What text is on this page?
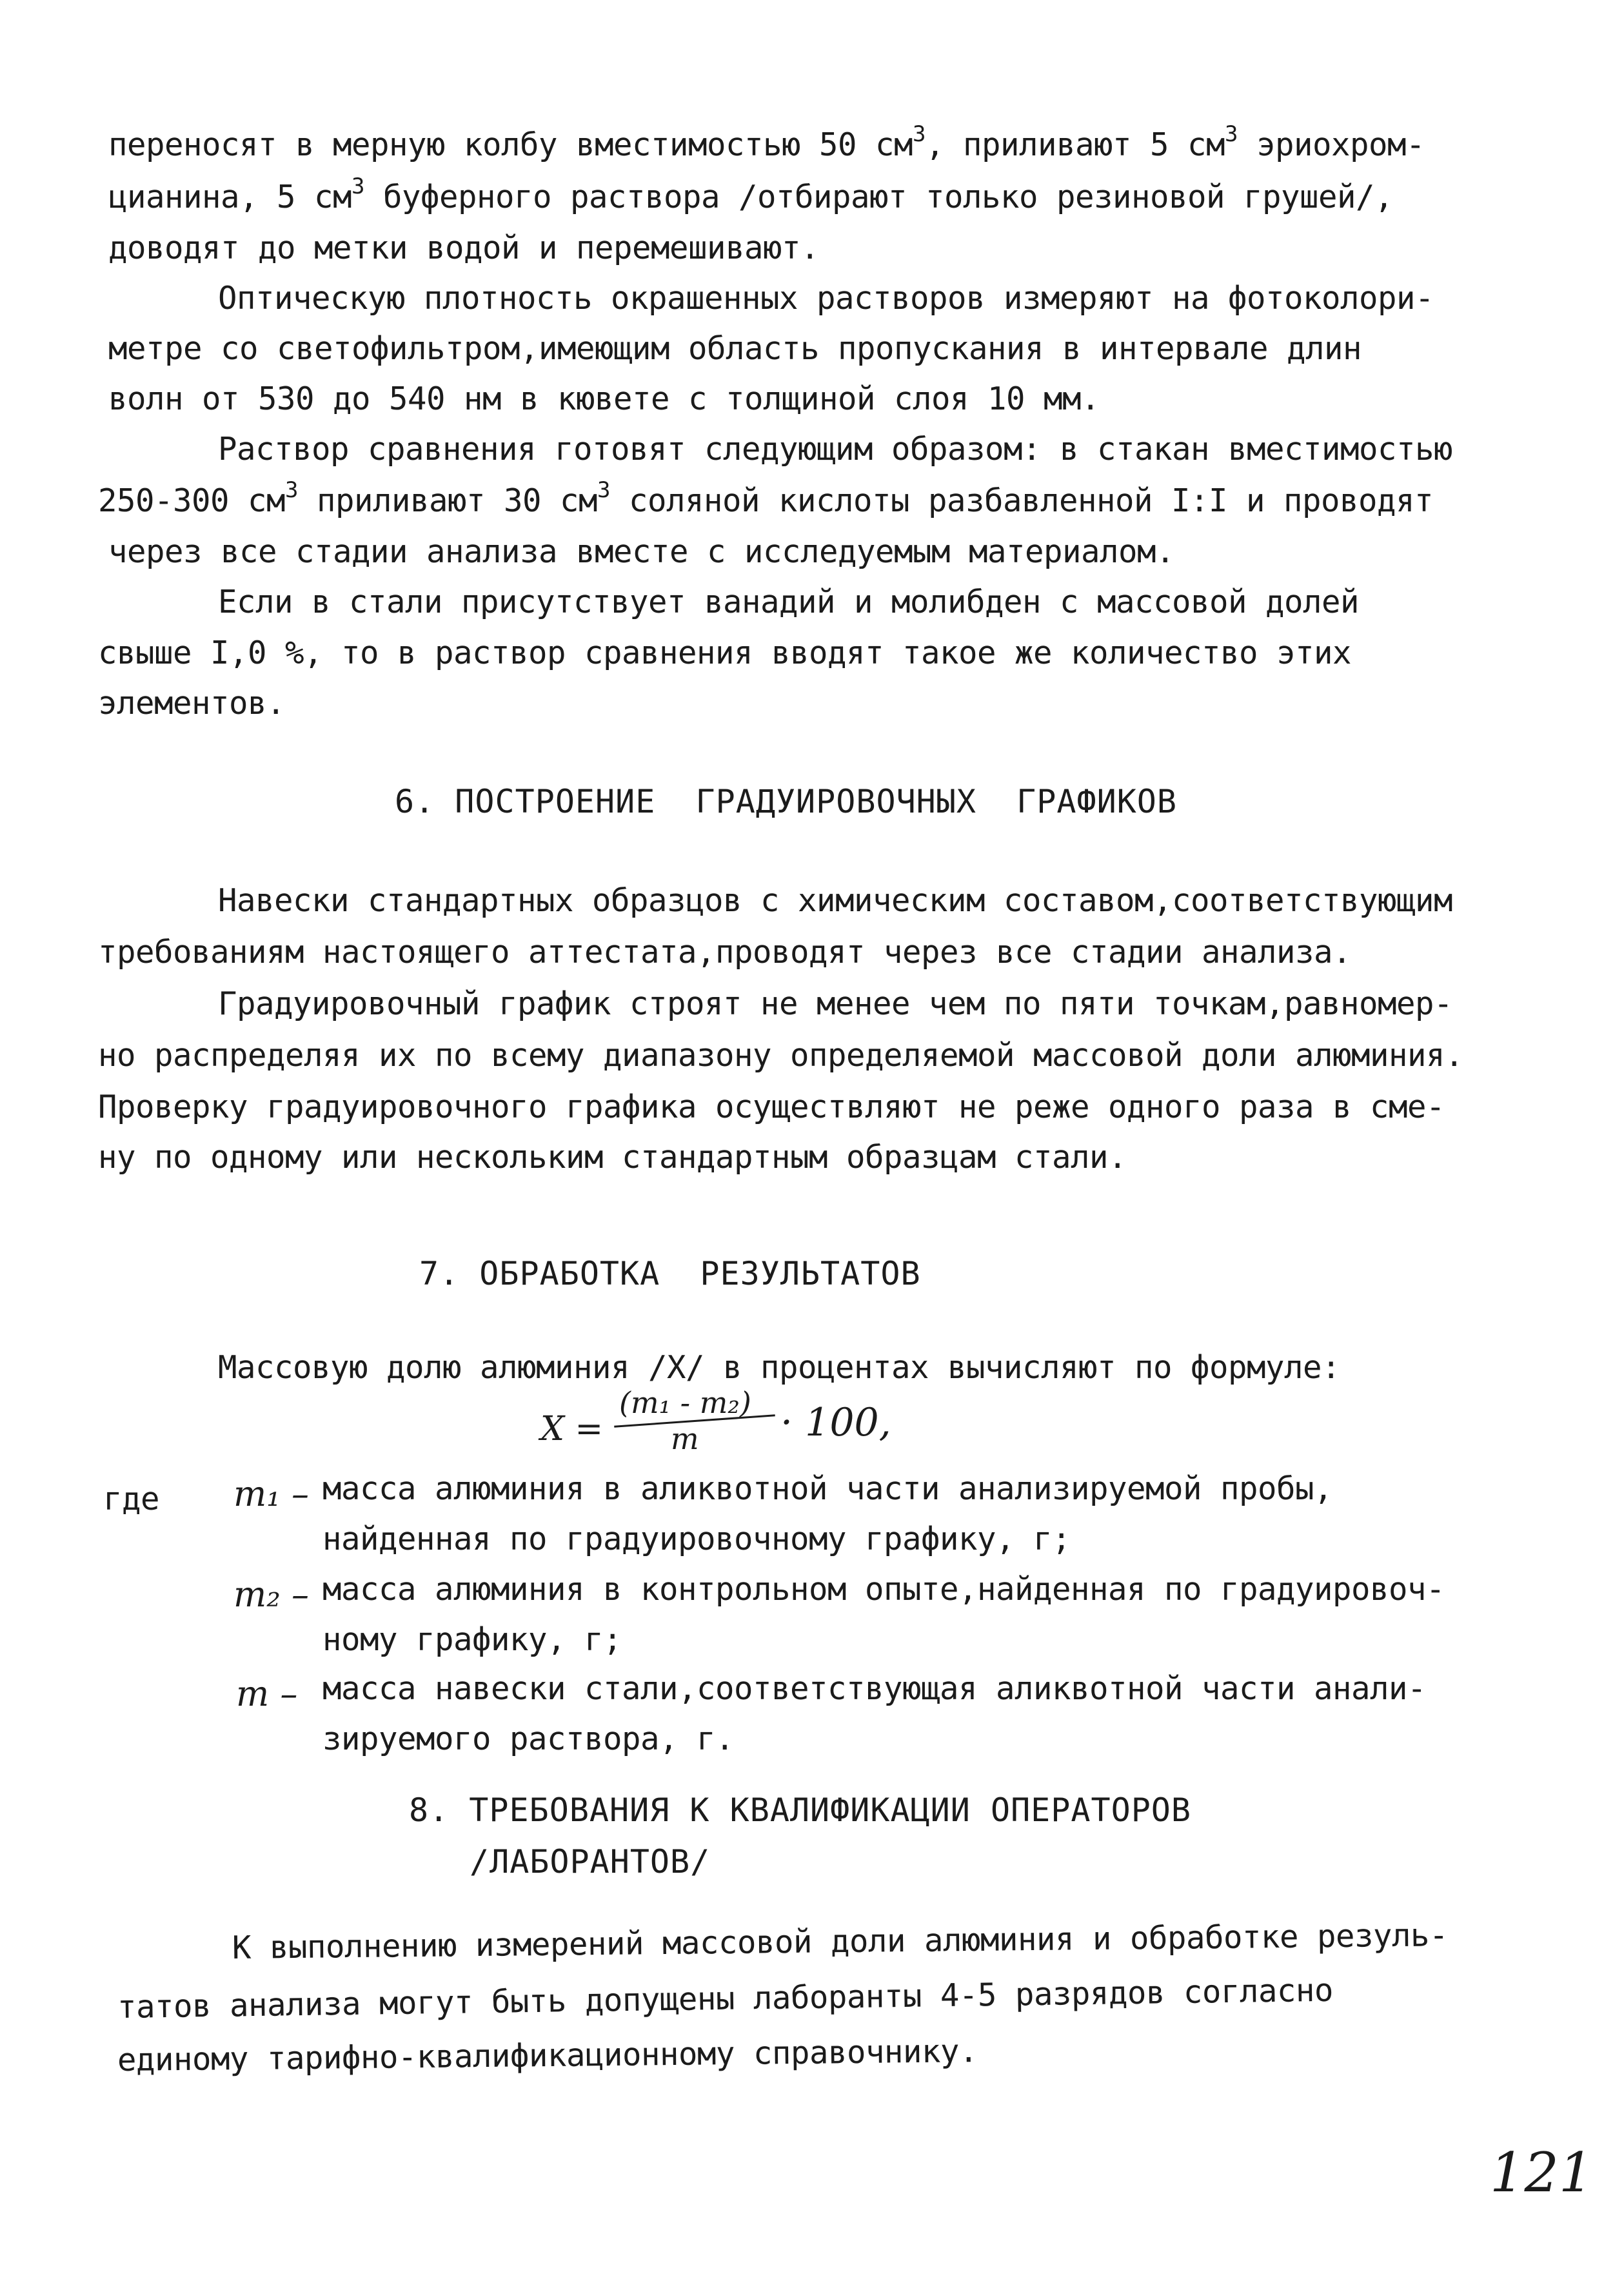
переносят в мерную колбу вместимостью 50 $см^3$, приливают 5 $см^3$ эриохром-
цианина, 5 $см^3$ буферного раствора /отбирают только резиновой грушей/,
доводят до метки водой и перемешивают.
Оптическую плотность окрашенных растворов измеряют на фотоколори-
метре со светофильтром,имеющим область пропускания в интервале длин
волн от 530 до 540 нм в кювете с толщиной слоя 10 мм.
Раствор сравнения готовят следующим образом: в стакан вместимостью
250-300 $см^3$ приливают 30 $см^3$ соляной кислоты разбавленной I:I и проводят
через все стадии анализа вместе с исследуемым материалом.
Если в стали присутствует ванадий и молибден с массовой долей
свыше I,0 %, то в раствор сравнения вводят такое же количество этих
элементов.
6. ПОСТРОЕНИЕ  ГРАДУИРОВОЧНЫХ  ГРАФИКОВ
Навески стандартных образцов с химическим составом,соответствующим
требованиям настоящего аттестата,проводят через все стадии анализа.
Градуировочный график строят не менее чем по пяти точкам,равномер-
но распределяя их по всему диапазону определяемой массовой доли алюминия.
Проверку градуировочного графика осуществляют не реже одного раза в сме-
ну по одному или нескольким стандартным образцам стали.
7. ОБРАБОТКА  РЕЗУЛЬТАТОВ
Массовую долю алюминия /Х/ в процентах вычисляют по формуле:
X =
(m₁ - m₂)
m · 100,
где m₁ – масса алюминия в аликвотной части анализируемой пробы,
найденная по градуировочному графику, г;
m₂ – масса алюминия в контрольном опыте,найденная по градуировоч-
ному графику, г;
m – масса навески стали,соответствующая аликвотной части анали-
зируемого раствора, г.
8. ТРЕБОВАНИЯ К КВАЛИФИКАЦИИ ОПЕРАТОРОВ
/ЛАБОРАНТОВ/
К выполнению измерений массовой доли алюминия и обработке резуль-
татов анализа могут быть допущены лаборанты 4-5 разрядов согласно
единому тарифно-квалификационному справочнику.
121
